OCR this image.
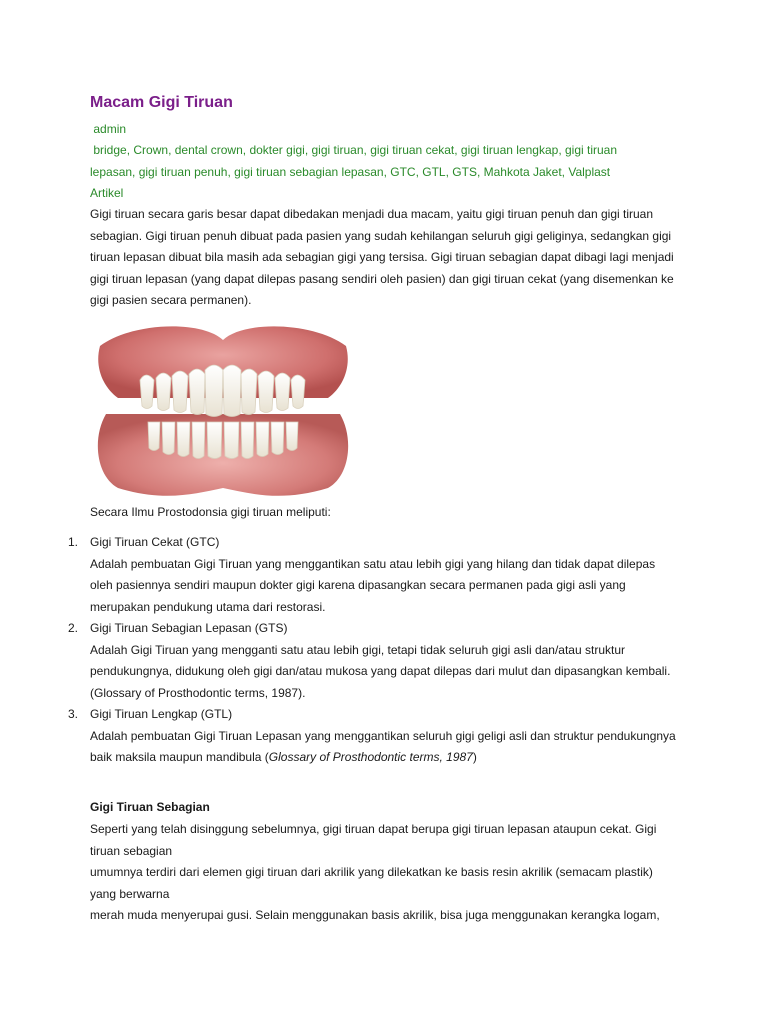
Macam Gigi Tiruan
admin
bridge, Crown, dental crown, dokter gigi, gigi tiruan, gigi tiruan cekat, gigi tiruan lengkap, gigi tiruan lepasan, gigi tiruan penuh, gigi tiruan sebagian lepasan, GTC, GTL, GTS, Mahkota Jaket, Valplast
Artikel

Gigi tiruan secara garis besar dapat dibedakan menjadi dua macam, yaitu gigi tiruan penuh dan gigi tiruan

sebagian. Gigi tiruan penuh dibuat pada pasien yang sudah kehilangan seluruh gigi geliginya, sedangkan gigi

tiruan lepasan dibuat bila masih ada sebagian gigi yang tersisa. Gigi tiruan sebagian dapat dibagi lagi menjadi

gigi tiruan lepasan (yang dapat dilepas pasang sendiri oleh pasien) dan gigi tiruan cekat (yang disemenkan ke

gigi pasien secara permanen).

Secara Ilmu Prostodonsia gigi tiruan meliputi:
1. Gigi Tiruan Cekat (GTC)
Adalah pembuatan Gigi Tiruan yang menggantikan satu atau lebih gigi yang hilang dan tidak dapat dilepas
oleh pasiennya sendiri maupun dokter gigi karena dipasangkan secara permanen pada gigi asli yang
merupakan pendukung utama dari restorasi.
2. Gigi Tiruan Sebagian Lepasan (GTS)
Adalah Gigi Tiruan yang mengganti satu atau lebih gigi, tetapi tidak seluruh gigi asli dan/atau struktur
pendukungnya, didukung oleh gigi dan/atau mukosa yang dapat dilepas dari mulut dan dipasangkan kembali.
(Glossary of Prosthodontic terms, 1987).
3. Gigi Tiruan Lengkap (GTL)
Adalah pembuatan Gigi Tiruan Lepasan yang menggantikan seluruh gigi geligi asli dan struktur pendukungnya
baik maksila maupun mandibula (Glossary of Prosthodontic terms, 1987)
Gigi Tiruan Sebagian

Seperti yang telah disinggung sebelumnya, gigi tiruan dapat berupa gigi tiruan lepasan ataupun cekat. Gigi

tiruan sebagian

umumnya terdiri dari elemen gigi tiruan dari akrilik yang dilekatkan ke basis resin akrilik (semacam plastik)

yang berwarna

merah muda menyerupai gusi. Selain menggunakan basis akrilik, bisa juga menggunakan kerangka logam,
